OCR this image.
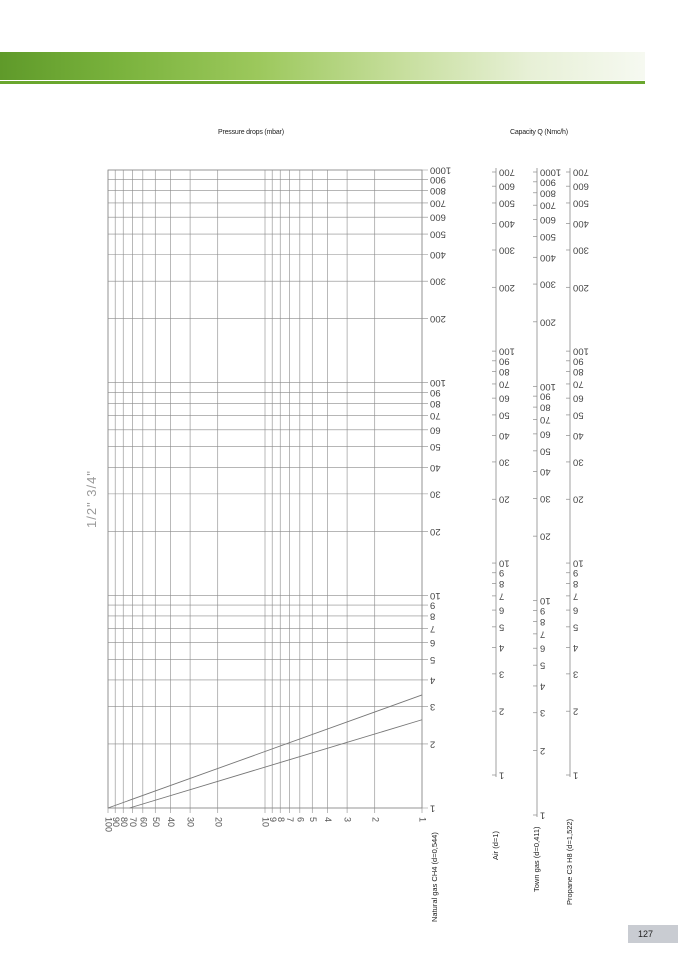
Pressure drops (mbar)	Capacity Q (Nmc/h)
1000
900
800
700
600
500
400
300
200
100
90
80
70
60
50
40
30
20
10
9
8
7
6
5
4
3
2
1
100
90
80 70 60 50 40 30 20	10
9
8 7 6 5 4 3 2	1
Natural gas CH4 (d=0,544)
1/2" 3/4"
700
600
500
400
300
200
100
90
80
70
60
50
40
30
20
10
9
8
7
6
5
4
3
2
1
Air (d=1)
1000
900
800
700
600
500
400
300
200
100
90
80
70
60
50
40
30
20
10
9
8
7
6
5
4
3
2
1
Town gas (d=0,411)
700
600
500
400
300
200
100
90
80
70
60
50
40
30
20
10
9
8
7
6
5
4
3
2
1
Propane C3 H8 (d=1,522)
127
